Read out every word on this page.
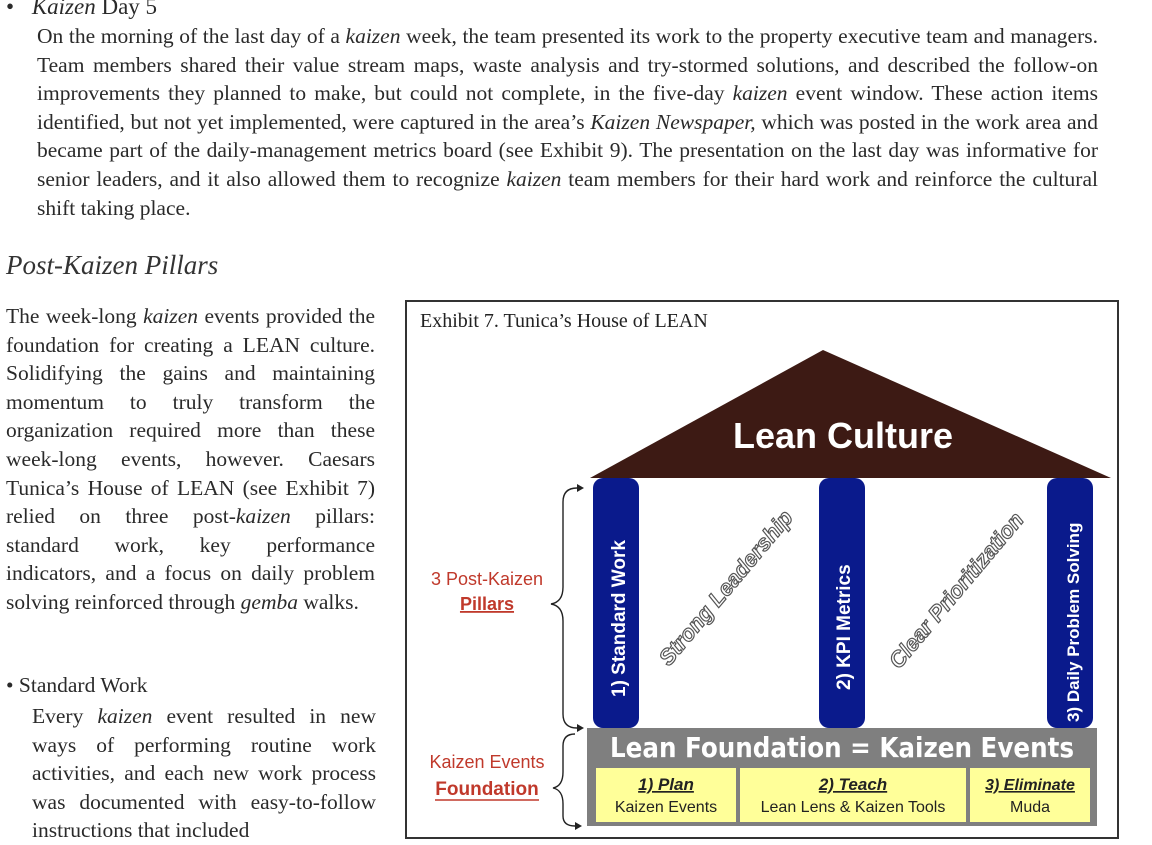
• Kaizen Day 5

On the morning of the last day of a kaizen week, the team presented its work to the property executive team and managers. Team members shared their value stream maps, waste analysis and try-stormed solutions, and described the follow-on improvements they planned to make, but could not complete, in the five-day kaizen event window. These action items identified, but not yet implemented, were captured in the area’s Kaizen Newspaper, which was posted in the work area and became part of the daily-management metrics board (see Exhibit 9). The presentation on the last day was informative for senior leaders, and it also allowed them to recognize kaizen team members for their hard work and reinforce the cultural shift taking place.

Post-Kaizen Pillars

The week-long kaizen events provided the foundation for creating a LEAN culture. Solidifying the gains and maintaining momentum to truly transform the organization required more than these week-long events, however. Caesars Tunica’s House of LEAN (see Exhibit 7) relied on three post-kaizen pillars: standard work, key performance indicators, and a focus on daily problem solving reinforced through gemba walks.

• Standard Work

Every kaizen event resulted in new ways of performing routine work activities, and each new work process was documented with easy-to-follow instructions that included

Exhibit 7. Tunica’s House of LEAN
Lean Culture
1) Standard Work	2) KPI Metrics	3) Daily Problem Solving
Strong Leadership	Clear Prioritization
3 Post-Kaizen
Pillars
Kaizen Events
Foundation
Lean Foundation = Kaizen Events
1) Plan
Kaizen Events
2) Teach
Lean Lens & Kaizen Tools
3) Eliminate
Muda
